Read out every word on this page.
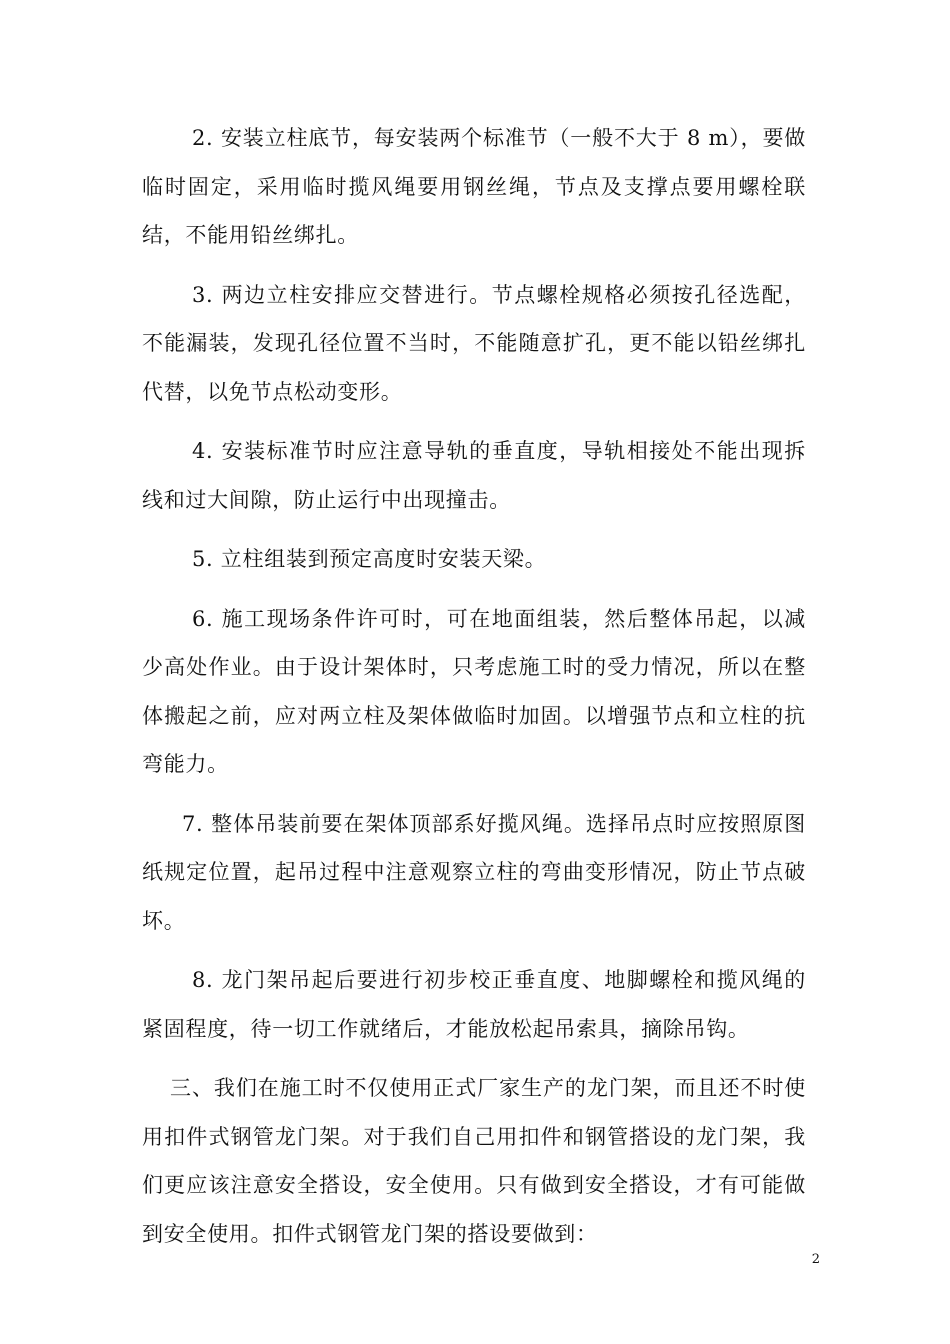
2. 安装立柱底节，每安装两个标准节（一般不大于 8 m），要做临时固定，采用临时揽风绳要用钢丝绳，节点及支撑点要用螺栓联结，不能用铅丝绑扎。

3. 两边立柱安排应交替进行。节点螺栓规格必须按孔径选配，不能漏装，发现孔径位置不当时，不能随意扩孔，更不能以铅丝绑扎代替，以免节点松动变形。

4. 安装标准节时应注意导轨的垂直度，导轨相接处不能出现拆线和过大间隙，防止运行中出现撞击。

5. 立柱组装到预定高度时安装天梁。

6. 施工现场条件许可时，可在地面组装，然后整体吊起，以减少高处作业。由于设计架体时，只考虑施工时的受力情况，所以在整体搬起之前，应对两立柱及架体做临时加固。以增强节点和立柱的抗弯能力。

7. 整体吊装前要在架体顶部系好揽风绳。选择吊点时应按照原图纸规定位置，起吊过程中注意观察立柱的弯曲变形情况，防止节点破坏。

8. 龙门架吊起后要进行初步校正垂直度、地脚螺栓和揽风绳的紧固程度，待一切工作就绪后，才能放松起吊索具，摘除吊钩。

三、我们在施工时不仅使用正式厂家生产的龙门架，而且还不时使用扣件式钢管龙门架。对于我们自己用扣件和钢管搭设的龙门架，我们更应该注意安全搭设，安全使用。只有做到安全搭设，才有可能做到安全使用。扣件式钢管龙门架的搭设要做到：

2
